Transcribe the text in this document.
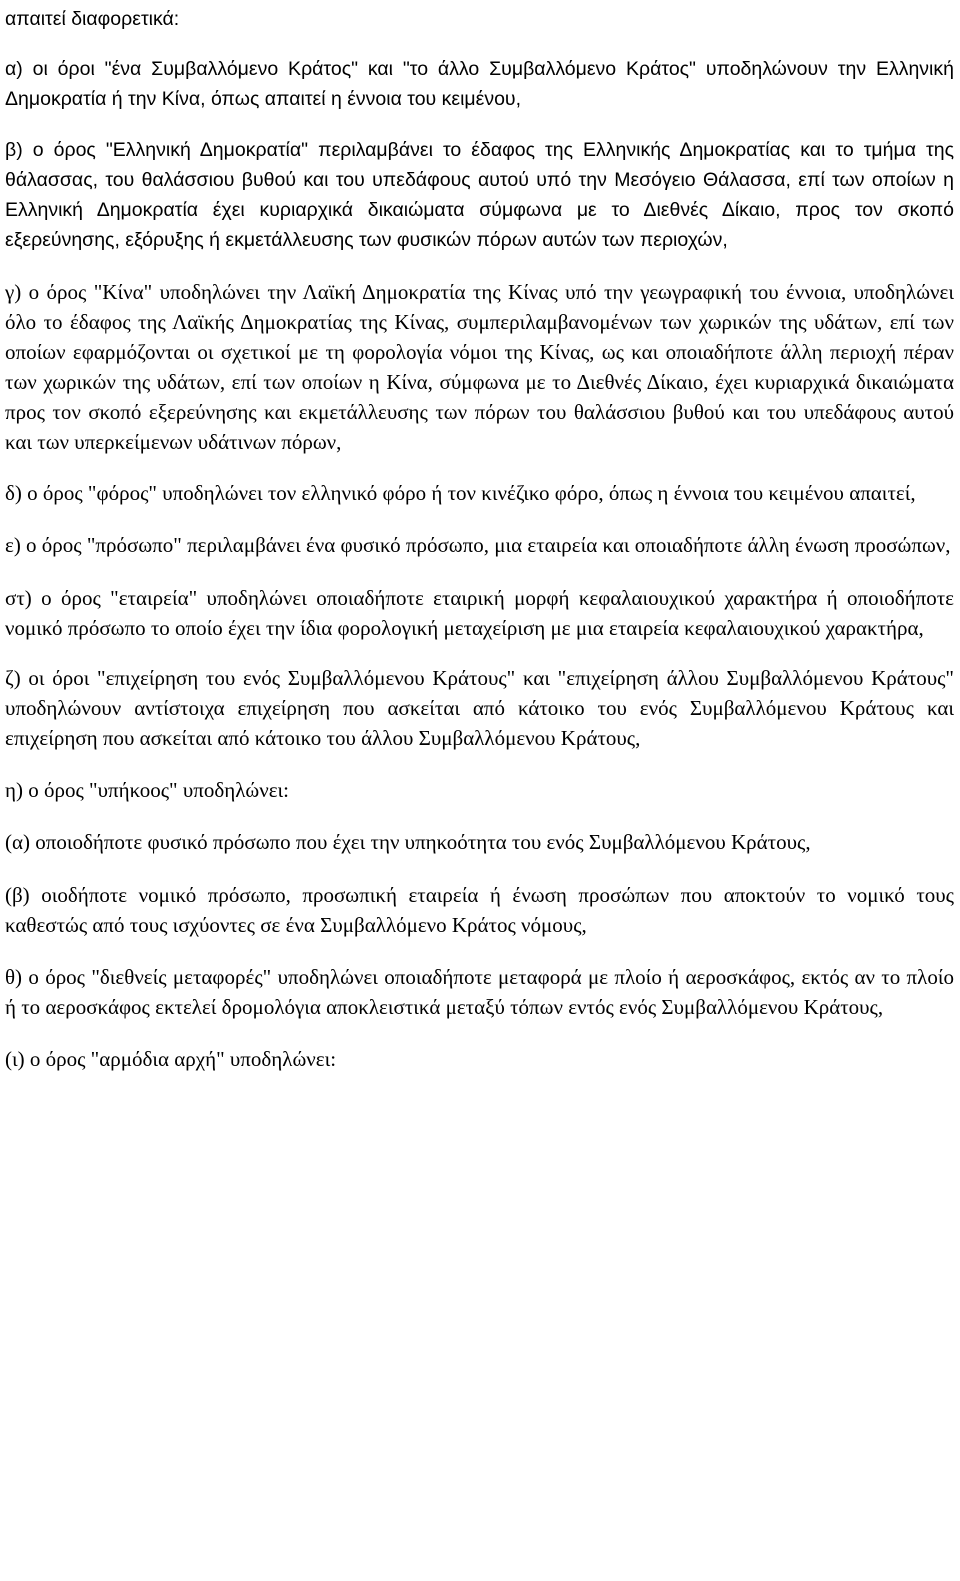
απαιτεί διαφορετικά:

α) οι όροι "ένα Συμβαλλόμενο Κράτος" και "το άλλο Συμβαλλόμενο Κράτος" υποδηλώνουν την Ελληνική Δημοκρατία ή την Κίνα, όπως απαιτεί η έννοια του κειμένου,

β) ο όρος "Ελληνική Δημοκρατία" περιλαμβάνει το έδαφος της Ελληνικής Δημοκρατίας και το τμήμα της θάλασσας, του θαλάσσιου βυθού και του υπεδάφους αυτού υπό την Μεσόγειο Θάλασσα, επί των οποίων η Ελληνική Δημοκρατία έχει κυριαρχικά δικαιώματα σύμφωνα με το Διεθνές Δίκαιο, προς τον σκοπό εξερεύνησης, εξόρυξης ή εκμετάλλευσης των φυσικών πόρων αυτών των περιοχών,

γ) ο όρος "Κίνα" υποδηλώνει την Λαϊκή Δημοκρατία της Κίνας υπό την γεωγραφική του έννοια, υποδηλώνει όλο το έδαφος της Λαϊκής Δημοκρατίας της Κίνας, συμπεριλαμβανομένων των χωρικών της υδάτων, επί των οποίων εφαρμόζονται οι σχετικοί με τη φορολογία νόμοι της Κίνας, ως και οποιαδήποτε άλλη περιοχή πέραν των χωρικών της υδάτων, επί των οποίων η Κίνα, σύμφωνα με το Διεθνές Δίκαιο, έχει κυριαρχικά δικαιώματα προς τον σκοπό εξερεύνησης και εκμετάλλευσης των πόρων του θαλάσσιου βυθού και του υπεδάφους αυτού και των υπερκείμενων υδάτινων πόρων,

δ) ο όρος "φόρος" υποδηλώνει τον ελληνικό φόρο ή τον κινέζικο φόρο, όπως η έννοια του κειμένου απαιτεί,

ε) ο όρος "πρόσωπο" περιλαμβάνει ένα φυσικό πρόσωπο, μια εταιρεία και οποιαδήποτε άλλη ένωση προσώπων,

στ) ο όρος "εταιρεία" υποδηλώνει οποιαδήποτε εταιρική μορφή κεφαλαιουχικού χαρακτήρα ή οποιοδήποτε νομικό πρόσωπο το οποίο έχει την ίδια φορολογική μεταχείριση με μια εταιρεία κεφαλαιουχικού χαρακτήρα,

ζ) οι όροι "επιχείρηση του ενός Συμβαλλόμενου Κράτους" και "επιχείρηση άλλου Συμβαλλόμενου Κράτους" υποδηλώνουν αντίστοιχα επιχείρηση που ασκείται από κάτοικο του ενός Συμβαλλόμενου Κράτους και επιχείρηση που ασκείται από κάτοικο του άλλου Συμβαλλόμενου Κράτους,

η) ο όρος "υπήκοος" υποδηλώνει:

(α) οποιοδήποτε φυσικό πρόσωπο που έχει την υπηκοότητα του ενός Συμβαλλόμενου Κράτους,

(β) οιοδήποτε νομικό πρόσωπο, προσωπική εταιρεία ή ένωση προσώπων που αποκτούν το νομικό τους καθεστώς από τους ισχύοντες σε ένα Συμβαλλόμενο Κράτος νόμους,

θ) ο όρος "διεθνείς μεταφορές" υποδηλώνει οποιαδήποτε μεταφορά με πλοίο ή αεροσκάφος, εκτός αν το πλοίο ή το αεροσκάφος εκτελεί δρομολόγια αποκλειστικά μεταξύ τόπων εντός ενός Συμβαλλόμενου Κράτους,

(ι) ο όρος "αρμόδια αρχή" υποδηλώνει:
